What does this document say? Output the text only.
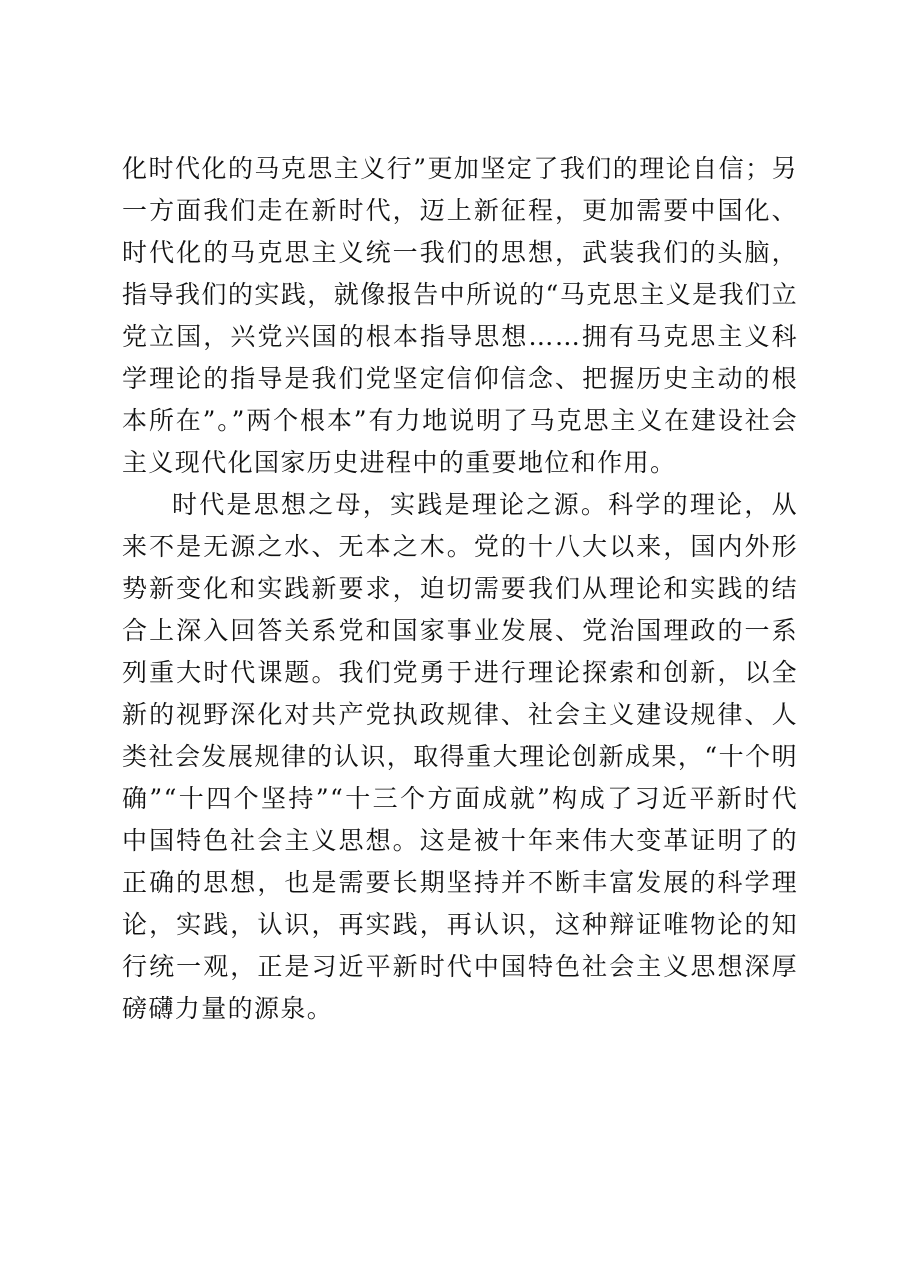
化时代化的马克思主义行”更加坚定了我们的理论自信；另一方面我们走在新时代，迈上新征程，更加需要中国化、时代化的马克思主义统一我们的思想，武装我们的头脑，指导我们的实践，就像报告中所说的“马克思主义是我们立党立国，兴党兴国的根本指导思想……拥有马克思主义科学理论的指导是我们党坚定信仰信念、把握历史主动的根本所在”。”两个根本”有力地说明了马克思主义在建设社会主义现代化国家历史进程中的重要地位和作用。

时代是思想之母，实践是理论之源。科学的理论，从来不是无源之水、无本之木。党的十八大以来，国内外形势新变化和实践新要求，迫切需要我们从理论和实践的结合上深入回答关系党和国家事业发展、党治国理政的一系列重大时代课题。我们党勇于进行理论探索和创新，以全新的视野深化对共产党执政规律、社会主义建设规律、人类社会发展规律的认识，取得重大理论创新成果，“十个明确”“十四个坚持”“十三个方面成就”构成了习近平新时代中国特色社会主义思想。这是被十年来伟大变革证明了的正确的思想，也是需要长期坚持并不断丰富发展的科学理论，实践，认识，再实践，再认识，这种辩证唯物论的知行统一观，正是习近平新时代中国特色社会主义思想深厚磅礴力量的源泉。
